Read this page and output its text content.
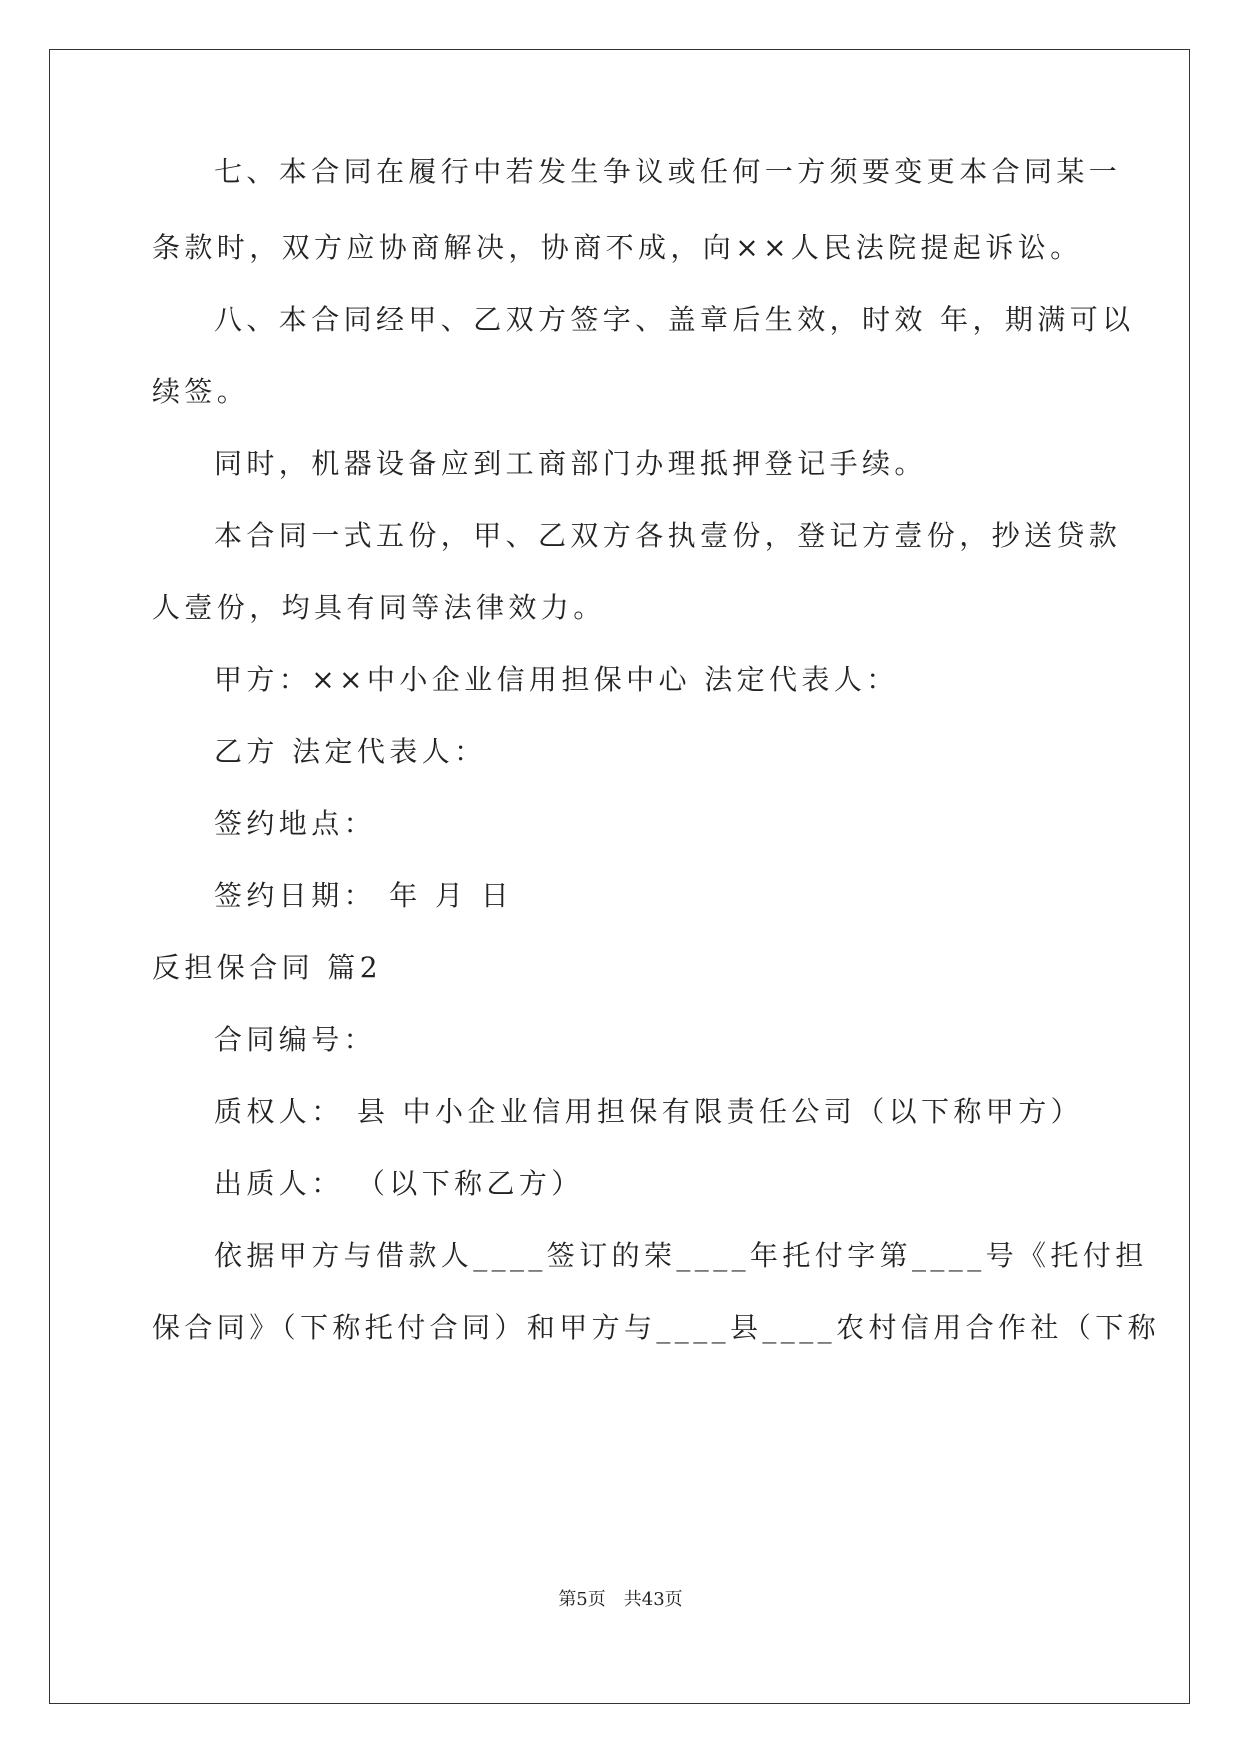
七、本合同在履行中若发生争议或任何一方须要变更本合同某一

条款时，双方应协商解决，协商不成，向××人民法院提起诉讼。

八、本合同经甲、乙双方签字、盖章后生效，时效 年，期满可以

续签。

同时，机器设备应到工商部门办理抵押登记手续。

本合同一式五份，甲、乙双方各执壹份，登记方壹份，抄送贷款

人壹份，均具有同等法律效力。

甲方：××中小企业信用担保中心 法定代表人：

乙方 法定代表人：

签约地点：

签约日期： 年 月 日

反担保合同 篇2

合同编号：

质权人： 县 中小企业信用担保有限责任公司（以下称甲方）

出质人： （以下称乙方）

依据甲方与借款人____签订的荣____年托付字第____号《托付担

保合同》（下称托付合同）和甲方与____县____农村信用合作社（下称

第5页　共43页
